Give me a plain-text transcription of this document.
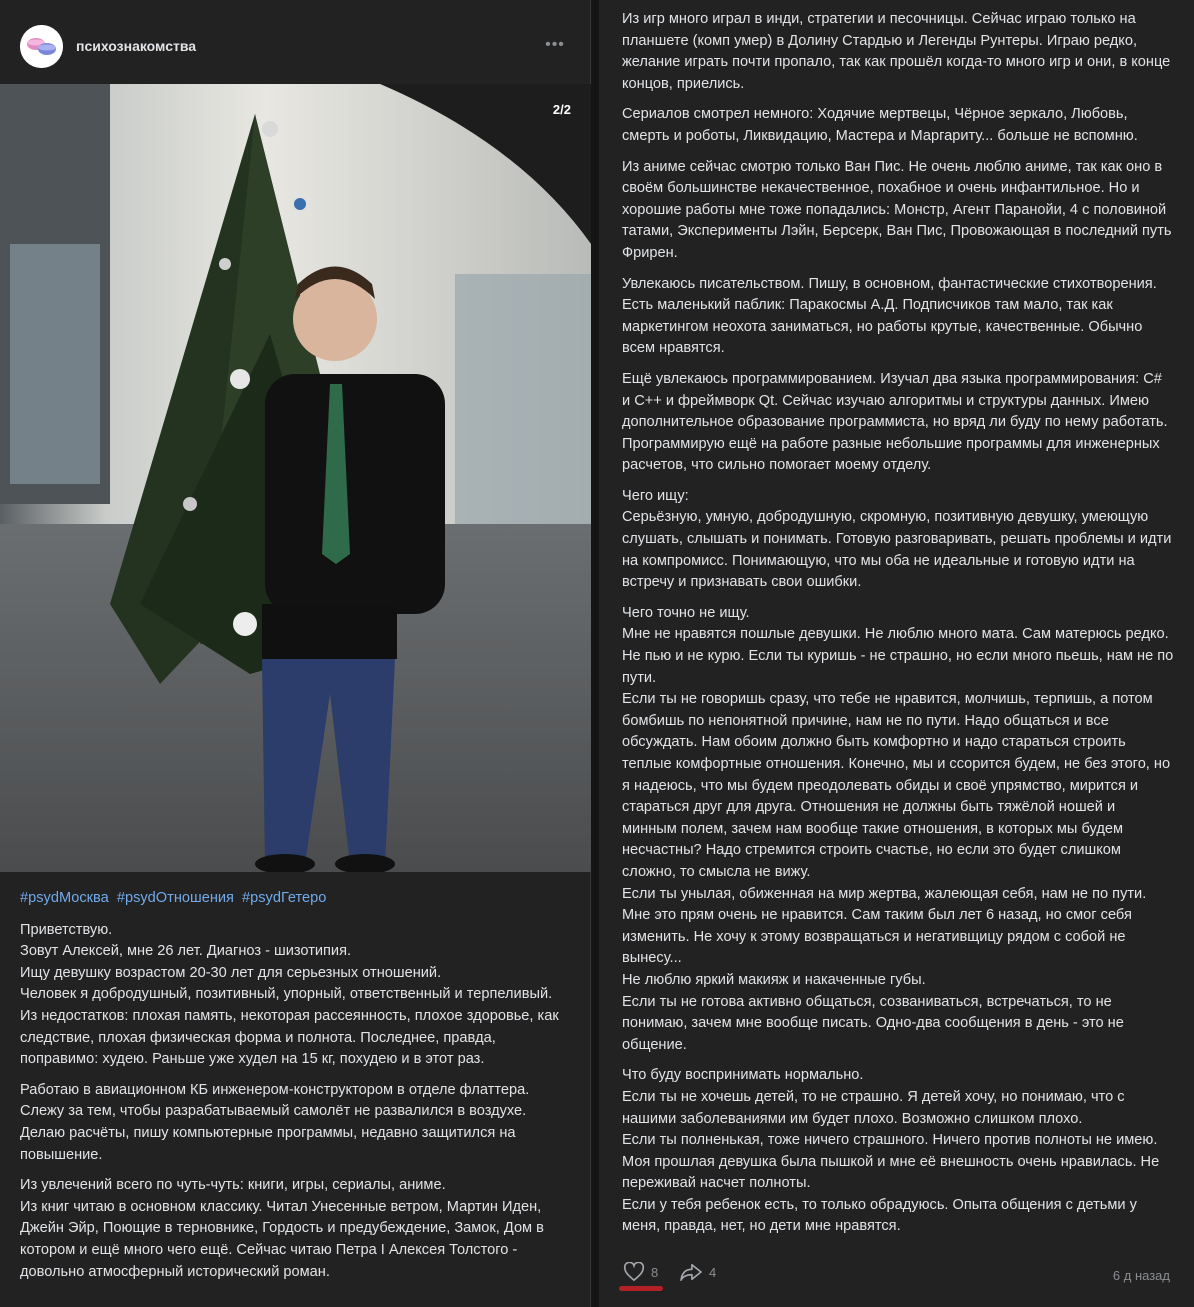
психознакомства	•••
2/2
#psydМосква #psydОтношения #psydГетеро

Приветствую.
Зовут Алексей, мне 26 лет. Диагноз - шизотипия.
Ищу девушку возрастом 20-30 лет для серьезных отношений.
Человек я добродушный, позитивный, упорный, ответственный и терпеливый.
Из недостатков: плохая память, некоторая рассеянность, плохое здоровье, как следствие, плохая физическая форма и полнота. Последнее, правда, поправимо: худею. Раньше уже худел на 15 кг, похудею и в этот раз.

Работаю в авиационном КБ инженером-конструктором в отделе флаттера. Слежу за тем, чтобы разрабатываемый самолёт не развалился в воздухе. Делаю расчёты, пишу компьютерные программы, недавно защитился на повышение.

Из увлечений всего по чуть-чуть: книги, игры, сериалы, аниме.
Из книг читаю в основном классику. Читал Унесенные ветром, Мартин Иден, Джейн Эйр, Поющие в терновнике, Гордость и предубеждение, Замок, Дом в котором и ещё много чего ещё. Сейчас читаю Петра I Алексея Толстого - довольно атмосферный исторический роман.

Из игр много играл в инди, стратегии и песочницы. Сейчас играю только на планшете (комп умер) в Долину Стардью и Легенды Рунтеры. Играю редко, желание играть почти пропало, так как прошёл когда-то много игр и они, в конце концов, приелись.

Сериалов смотрел немного: Ходячие мертвецы, Чёрное зеркало, Любовь, смерть и роботы, Ликвидацию, Мастера и Маргариту... больше не вспомню.

Из аниме сейчас смотрю только Ван Пис. Не очень люблю аниме, так как оно в своём большинстве некачественное, похабное и очень инфантильное. Но и хорошие работы мне тоже попадались: Монстр, Агент Паранойи, 4 с половиной татами, Эксперименты Лэйн, Берсерк, Ван Пис, Провожающая в последний путь Фрирен.

Увлекаюсь писательством. Пишу, в основном, фантастические стихотворения. Есть маленький паблик: Паракосмы А.Д. Подписчиков там мало, так как маркетингом неохота заниматься, но работы крутые, качественные. Обычно всем нравятся.

Ещё увлекаюсь программированием. Изучал два языка программирования: C# и C++ и фреймворк Qt. Сейчас изучаю алгоритмы и структуры данных. Имею дополнительное образование программиста, но вряд ли буду по нему работать. Программирую ещё на работе разные небольшие программы для инженерных расчетов, что сильно помогает моему отделу.

Чего ищу:
Серьёзную, умную, добродушную, скромную, позитивную девушку, умеющую слушать, слышать и понимать. Готовую разговаривать, решать проблемы и идти на компромисс. Понимающую, что мы оба не идеальные и готовую идти на встречу и признавать свои ошибки.

Чего точно не ищу.
Мне не нравятся пошлые девушки. Не люблю много мата. Сам матерюсь редко.
Не пью и не курю. Если ты куришь - не страшно, но если много пьешь, нам не по пути.
Если ты не говоришь сразу, что тебе не нравится, молчишь, терпишь, а потом бомбишь по непонятной причине, нам не по пути. Надо общаться и все обсуждать. Нам обоим должно быть комфортно и надо стараться строить теплые комфортные отношения. Конечно, мы и ссорится будем, не без этого, но я надеюсь, что мы будем преодолевать обиды и своё упрямство, мирится и стараться друг для друга. Отношения не должны быть тяжёлой ношей и минным полем, зачем нам вообще такие отношения, в которых мы будем несчастны? Надо стремится строить счастье, но если это будет слишком сложно, то смысла не вижу.
Если ты унылая, обиженная на мир жертва, жалеющая себя, нам не по пути. Мне это прям очень не нравится. Сам таким был лет 6 назад, но смог себя изменить. Не хочу к этому возвращаться и негативщицу рядом с собой не вынесу...
Не люблю яркий макияж и накаченные губы.
Если ты не готова активно общаться, созваниваться, встречаться, то не понимаю, зачем мне вообще писать. Одно-два сообщения в день - это не общение.

Что буду воспринимать нормально.
Если ты не хочешь детей, то не страшно. Я детей хочу, но понимаю, что с нашими заболеваниями им будет плохо. Возможно слишком плохо.
Если ты полненькая, тоже ничего страшного. Ничего против полноты не имею. Моя прошлая девушка была пышкой и мне её внешность очень нравилась. Не переживай насчет полноты.
Если у тебя ребенок есть, то только обрадуюсь. Опыта общения с детьми у меня, правда, нет, но дети мне нравятся.

8	4	6 д назад
